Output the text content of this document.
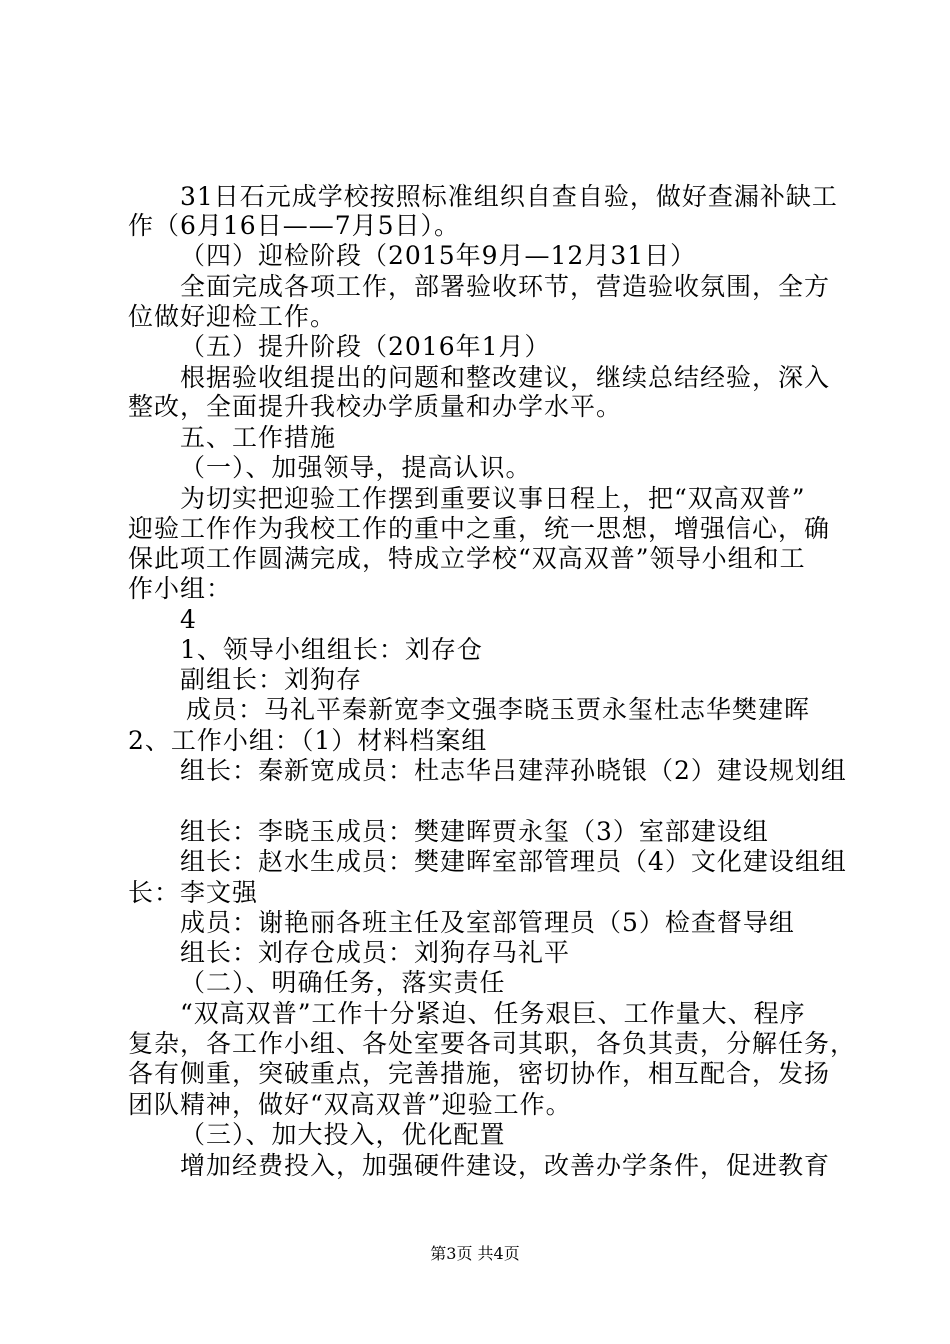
31日石元成学校按照标准组织自查自验，做好查漏补缺工
作（6月16日——7月5日）。
（四）迎检阶段（2015年9月—12月31日）
全面完成各项工作，部署验收环节，营造验收氛围，全方
位做好迎检工作。
（五）提升阶段（2016年1月）
根据验收组提出的问题和整改建议，继续总结经验，深入
整改，全面提升我校办学质量和办学水平。
五、工作措施
（一）、加强领导，提高认识。
为切实把迎验工作摆到重要议事日程上，把“双高双普”
迎验工作作为我校工作的重中之重，统一思想，增强信心，确
保此项工作圆满完成，特成立学校“双高双普”领导小组和工
作小组：
4
1、领导小组组长：刘存仓
副组长：刘狗存
成员：马礼平秦新宽李文强李晓玉贾永玺杜志华樊建晖
2、工作小组：（1）材料档案组
组长：秦新宽成员：杜志华吕建萍孙晓银（2）建设规划组
组长：李晓玉成员：樊建晖贾永玺（3）室部建设组
组长：赵水生成员：樊建晖室部管理员（4）文化建设组组
长：李文强
成员：谢艳丽各班主任及室部管理员（5）检查督导组
组长：刘存仓成员：刘狗存马礼平
（二）、明确任务，落实责任
“双高双普”工作十分紧迫、任务艰巨、工作量大、程序
复杂，各工作小组、各处室要各司其职，各负其责，分解任务，
各有侧重，突破重点，完善措施，密切协作，相互配合，发扬
团队精神，做好“双高双普”迎验工作。
（三）、加大投入，优化配置
增加经费投入，加强硬件建设，改善办学条件，促进教育
第3页 共4页
